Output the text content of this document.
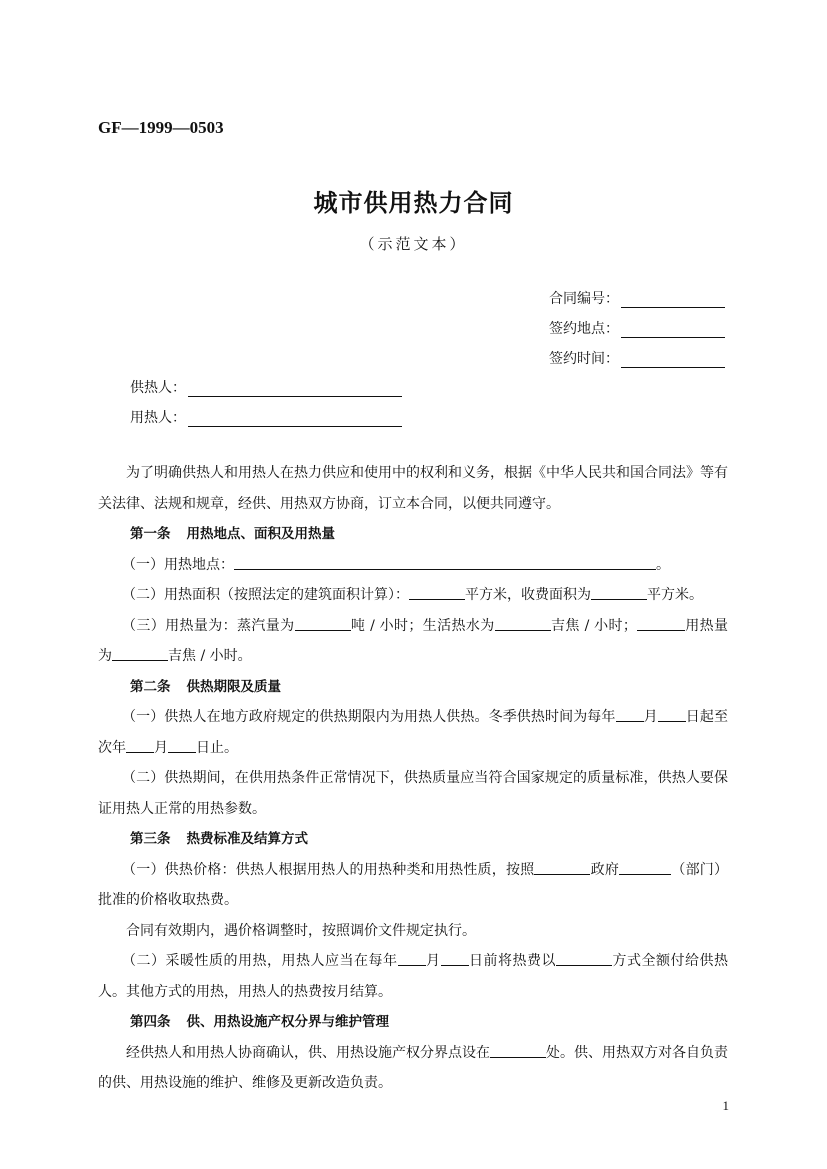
GF—1999—0503
城市供用热力合同
（示范文本）
合同编号：
签约地点：
签约时间：
供热人：
用热人：

为了明确供热人和用热人在热力供应和使用中的权利和义务，根据《中华人民共和国合同法》等有关法律、法规和规章，经供、用热双方协商，订立本合同，以便共同遵守。

第一条 用热地点、面积及用热量

（一）用热地点：	。

（二）用热面积（按照法定的建筑面积计算）：	平方米，收费面积为	平方米。

（三）用热量为：蒸汽量为	吨 / 小时；生活热水为	吉焦 / 小时；	用热量为	吉焦 / 小时。

第二条 供热期限及质量

（一）供热人在地方政府规定的供热期限内为用热人供热。冬季供热时间为每年 月 日起至次年 月 日止。

（二）供热期间，在供用热条件正常情况下，供热质量应当符合国家规定的质量标准，供热人要保证用热人正常的用热参数。

第三条 热费标准及结算方式

（一）供热价格：供热人根据用热人的用热种类和用热性质，按照	政府	（部门）批准的价格收取热费。

合同有效期内，遇价格调整时，按照调价文件规定执行。

（二）采暖性质的用热，用热人应当在每年 月 日前将热费以	方式全额付给供热人。其他方式的用热，用热人的热费按月结算。

第四条 供、用热设施产权分界与维护管理

经供热人和用热人协商确认，供、用热设施产权分界点设在	处。供、用热双方对各自负责的供、用热设施的维护、维修及更新改造负责。

1
